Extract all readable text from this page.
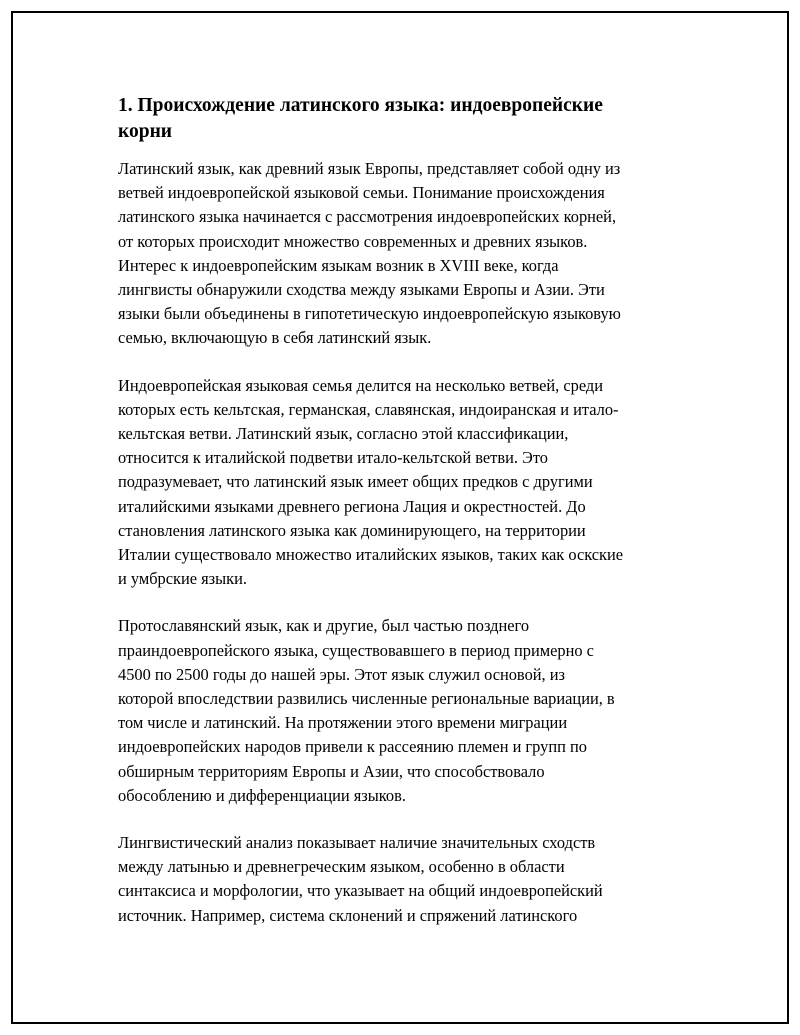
1. Происхождение латинского языка: индоевропейские
корни

Латинский язык, как древний язык Европы, представляет собой одну из
ветвей индоевропейской языковой семьи. Понимание происхождения
латинского языка начинается с рассмотрения индоевропейских корней,
от которых происходит множество современных и древних языков.
Интерес к индоевропейским языкам возник в XVIII веке, когда
лингвисты обнаружили сходства между языками Европы и Азии. Эти
языки были объединены в гипотетическую индоевропейскую языковую
семью, включающую в себя латинский язык.

Индоевропейская языковая семья делится на несколько ветвей, среди
которых есть кельтская, германская, славянская, индоиранская и итало-
кельтская ветви. Латинский язык, согласно этой классификации,
относится к италийской подветви итало-кельтской ветви. Это
подразумевает, что латинский язык имеет общих предков с другими
италийскими языками древнего региона Лация и окрестностей. До
становления латинского языка как доминирующего, на территории
Италии существовало множество италийских языков, таких как оскские
и умбрские языки.

Протославянский язык, как и другие, был частью позднего
праиндоевропейского языка, существовавшего в период примерно с
4500 по 2500 годы до нашей эры. Этот язык служил основой, из
которой впоследствии развились численные региональные вариации, в
том числе и латинский. На протяжении этого времени миграции
индоевропейских народов привели к рассеянию племен и групп по
обширным территориям Европы и Азии, что способствовало
обособлению и дифференциации языков.

Лингвистический анализ показывает наличие значительных сходств
между латынью и древнегреческим языком, особенно в области
синтаксиса и морфологии, что указывает на общий индоевропейский
источник. Например, система склонений и спряжений латинского
